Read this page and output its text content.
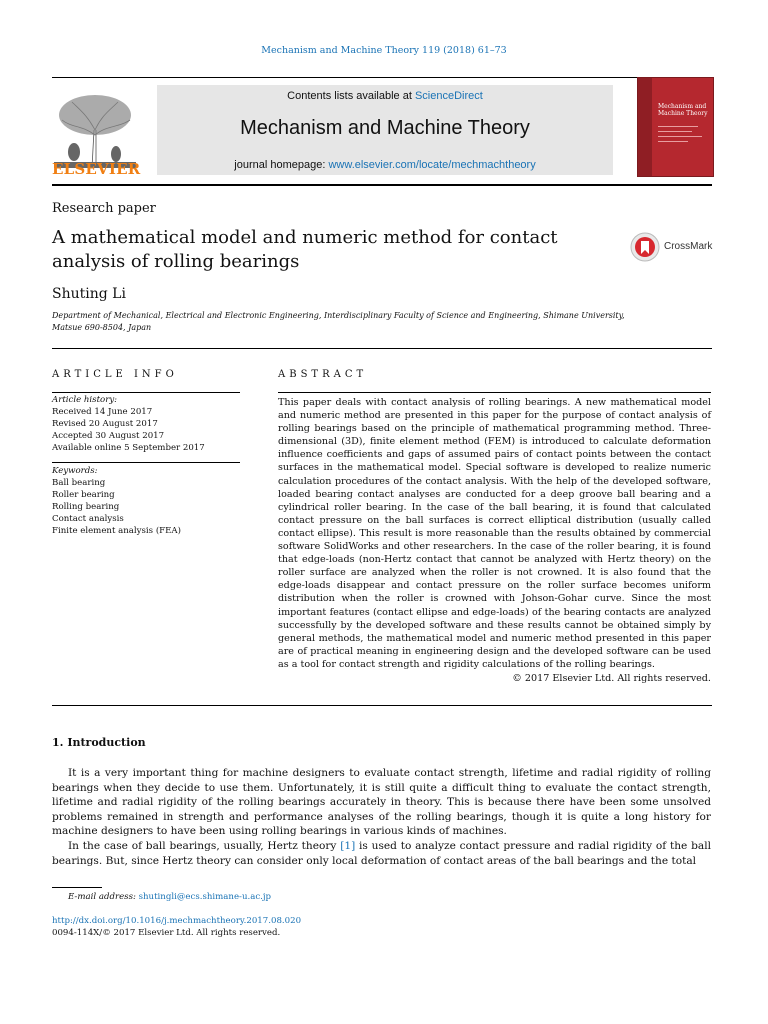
Mechanism and Machine Theory 119 (2018) 61–73
ELSEVIER
Contents lists available at ScienceDirect
Mechanism and Machine Theory
journal homepage: www.elsevier.com/locate/mechmachtheory
Mechanism and Machine Theory
Research paper
A mathematical model and numeric method for contact analysis of rolling bearings
CrossMark
Shuting Li
Department of Mechanical, Electrical and Electronic Engineering, Interdisciplinary Faculty of Science and Engineering, Shimane University, Matsue 690-8504, Japan
ARTICLE INFO	ABSTRACT
Article history:
Received 14 June 2017
Revised 20 August 2017
Accepted 30 August 2017
Available online 5 September 2017
Keywords:
Ball bearing
Roller bearing
Rolling bearing
Contact analysis
Finite element analysis (FEA)
This paper deals with contact analysis of rolling bearings. A new mathematical model and numeric method are presented in this paper for the purpose of contact analysis of rolling bearings based on the principle of mathematical programming method. Three-dimensional (3D), finite element method (FEM) is introduced to calculate deformation influence coefficients and gaps of assumed pairs of contact points between the contact surfaces in the mathematical model. Special software is developed to realize numeric calculation procedures of the contact analysis. With the help of the developed software, loaded bearing contact analyses are conducted for a deep groove ball bearing and a cylindrical roller bearing. In the case of the ball bearing, it is found that calculated contact pressure on the ball surfaces is correct elliptical distribution (usually called contact ellipse). This result is more reasonable than the results obtained by commercial software SolidWorks and other researchers. In the case of the roller bearing, it is found that edge-loads (non-Hertz contact that cannot be analyzed with Hertz theory) on the roller surface are analyzed when the roller is not crowned. It is also found that the edge-loads disappear and contact pressure on the roller surface becomes uniform distribution when the roller is crowned with Johson-Gohar curve. Since the most important features (contact ellipse and edge-loads) of the bearing contacts are analyzed successfully by the developed software and these results cannot be obtained simply by general methods, the mathematical model and numeric method presented in this paper are of practical meaning in engineering design and the developed software can be used as a tool for contact strength and rigidity calculations of the rolling bearings.
© 2017 Elsevier Ltd. All rights reserved.
1. Introduction

It is a very important thing for machine designers to evaluate contact strength, lifetime and radial rigidity of rolling bearings when they decide to use them. Unfortunately, it is still quite a difficult thing to evaluate the contact strength, lifetime and radial rigidity of the rolling bearings accurately in theory. This is because there have been some unsolved problems remained in strength and performance analyses of the rolling bearings, though it is quite a long history for machine designers to have been using rolling bearings in various kinds of machines.

In the case of ball bearings, usually, Hertz theory [1] is used to analyze contact pressure and radial rigidity of the ball bearings. But, since Hertz theory can consider only local deformation of contact areas of the ball bearings and the total

E-mail address: shutingli@ecs.shimane-u.ac.jp
http://dx.doi.org/10.1016/j.mechmachtheory.2017.08.020
0094-114X/© 2017 Elsevier Ltd. All rights reserved.
